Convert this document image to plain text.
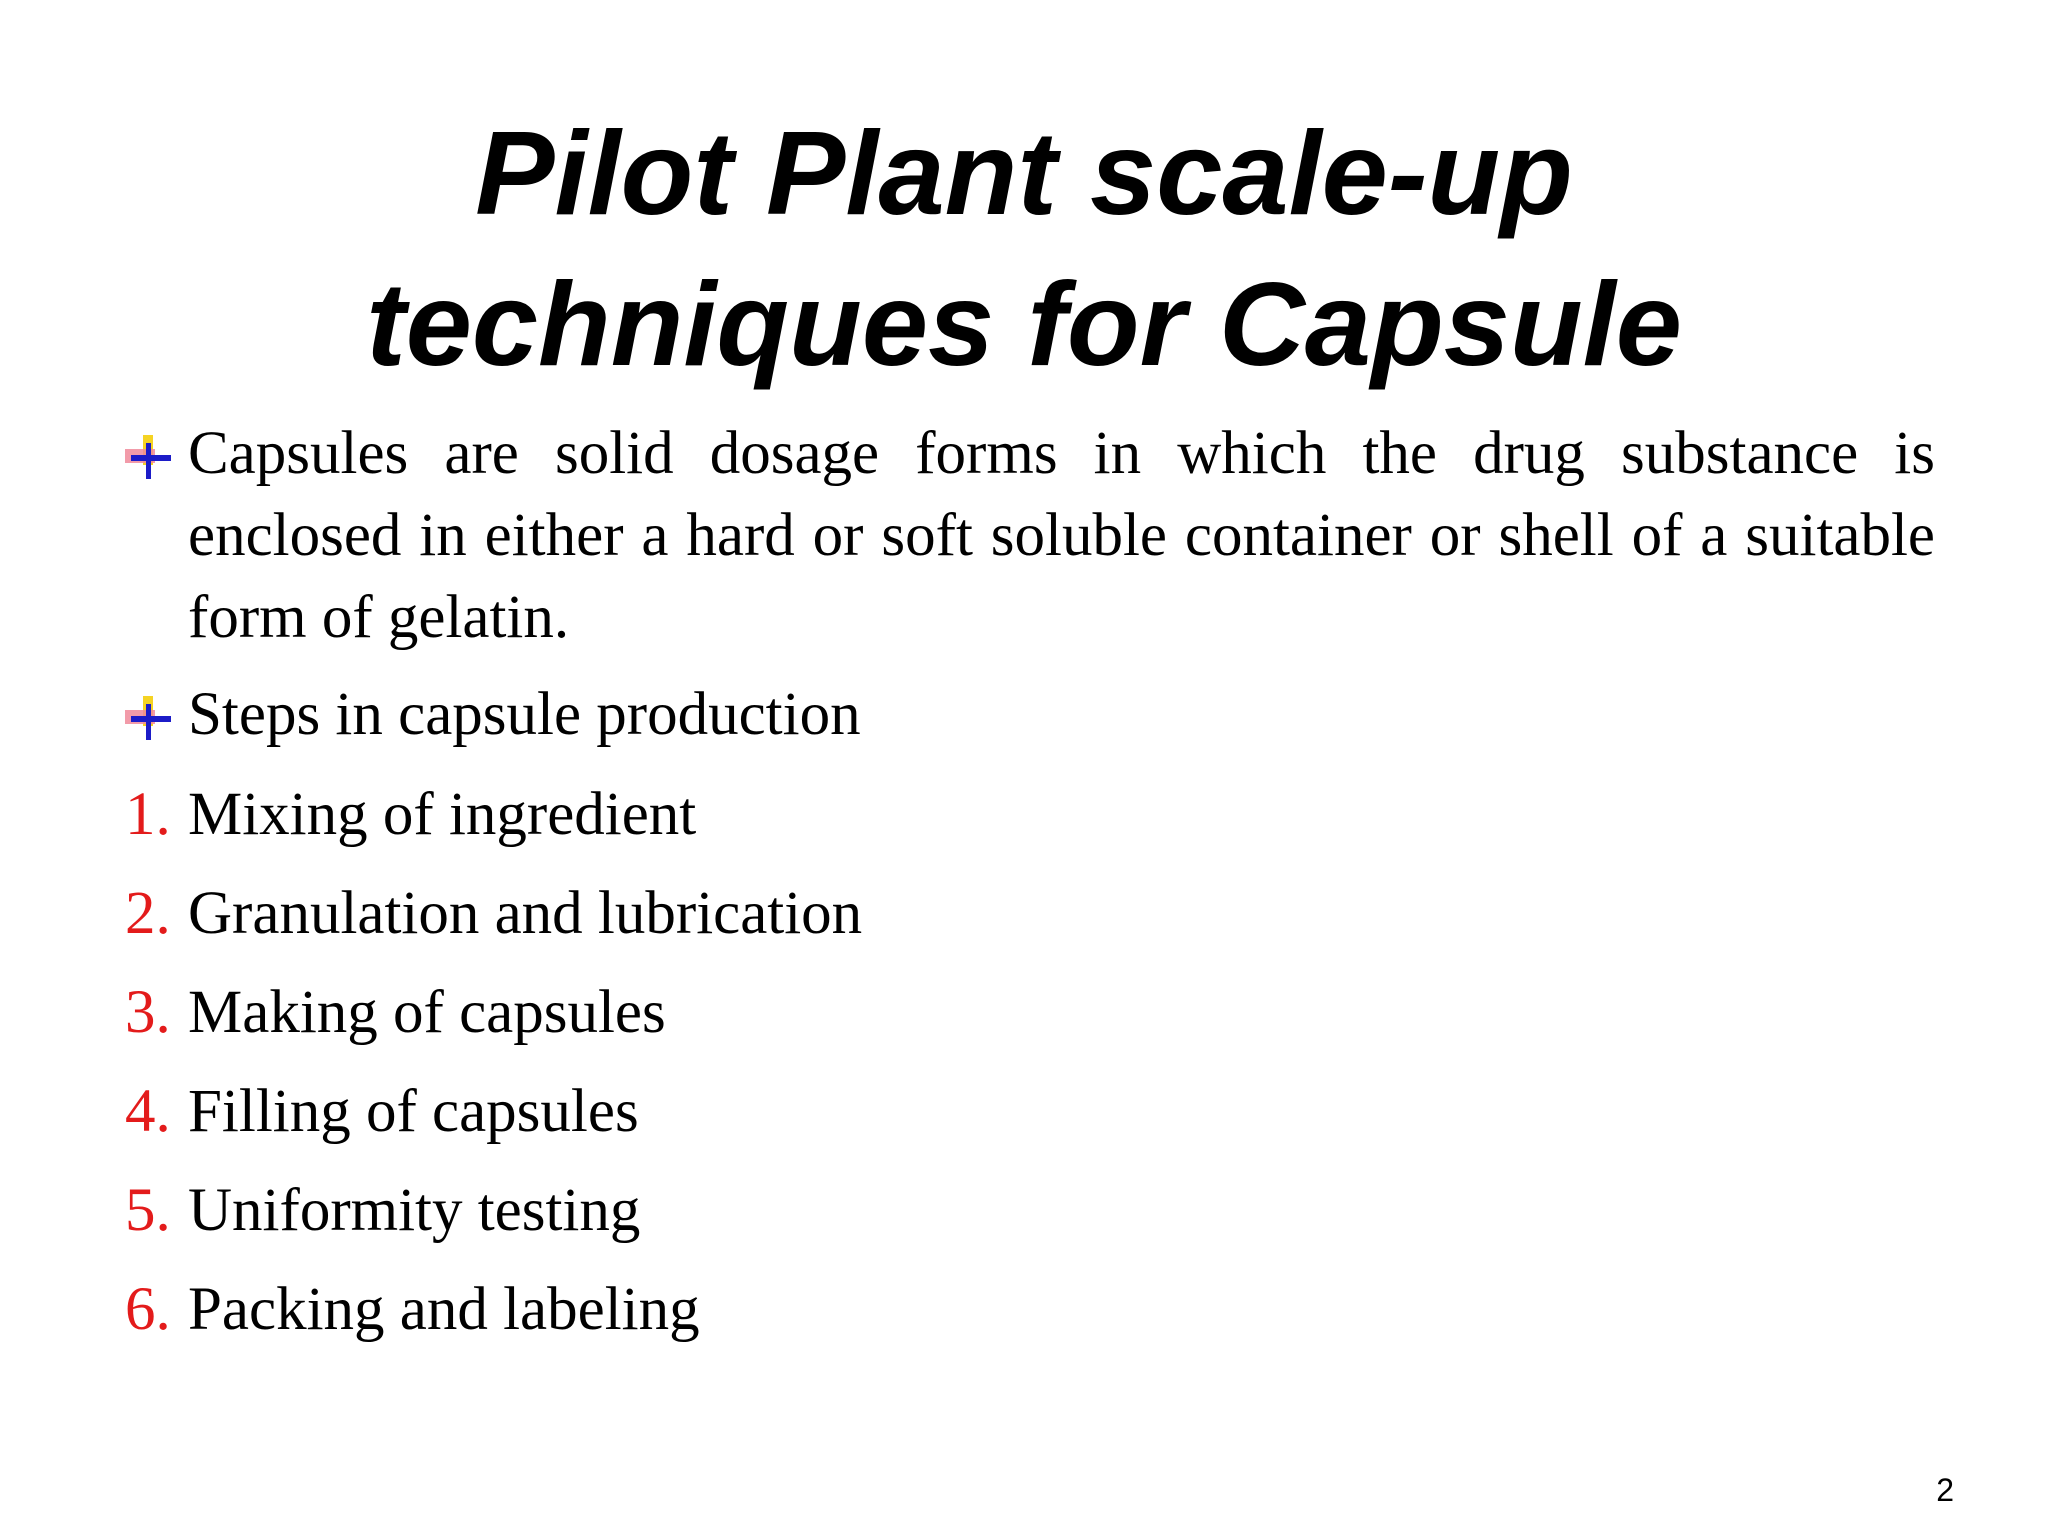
Pilot Plant scale-up
techniques for Capsule
Capsules are solid dosage forms in which the drug substance is enclosed in either a hard or soft soluble container or shell of a suitable form of gelatin.
Steps in capsule production
1. Mixing of ingredient
2. Granulation and lubrication
3. Making of capsules
4. Filling of capsules
5. Uniformity testing
6. Packing and labeling
2
